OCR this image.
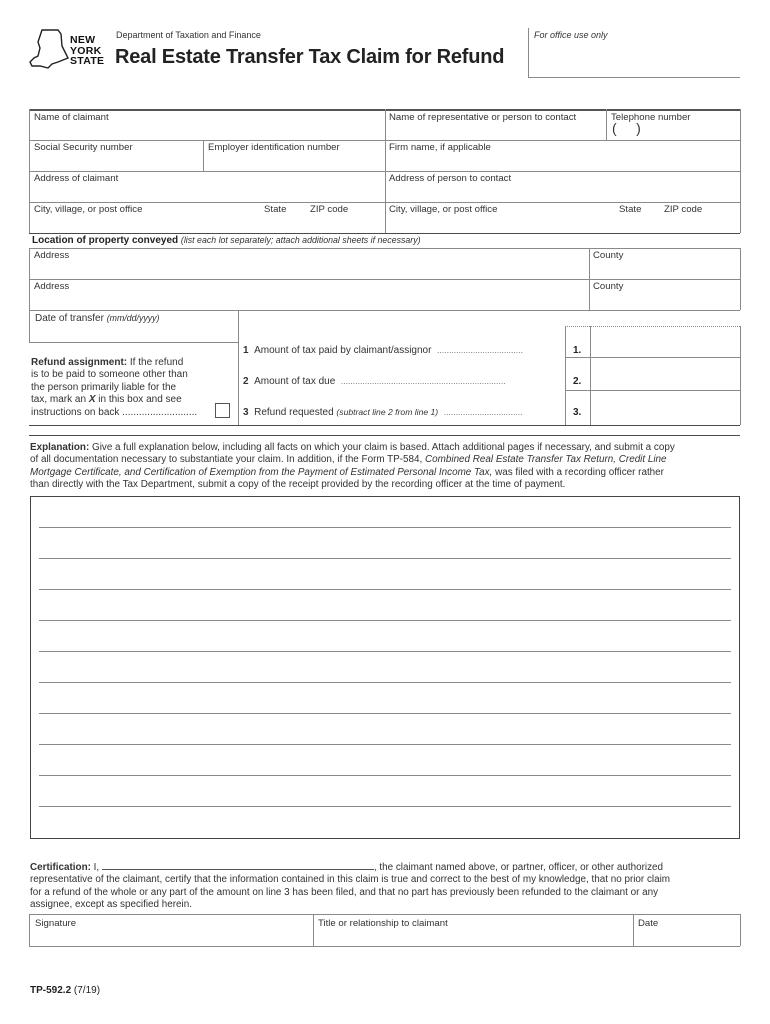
NEW
YORK
STATE
Department of Taxation and Finance
Real Estate Transfer Tax Claim for Refund
For office use only
Name of claimant	Name of representative or person to contact	Telephone number
(     )
Social Security number	Employer identification number	Firm name, if applicable
Address of claimant	Address of person to contact
City, village, or post office	State ZIP code	City, village, or post office	State ZIP code
Location of property conveyed (list each lot separately; attach additional sheets if necessary)
Address	County
Address	County
Date of transfer (mm/dd/yyyy)
Refund assignment: If the refund
is to be paid to someone other than
the person primarily liable for the
tax, mark an X in this box and see
instructions on back ...........................
1 Amount of tax paid by claimant/assignor ....................................	1.
2 Amount of tax due .....................................................................	2.
3 Refund requested (subtract line 2 from line 1) .................................	3.
Explanation: Give a full explanation below, including all facts on which your claim is based. Attach additional pages if necessary, and submit a copy
of all documentation necessary to substantiate your claim. In addition, if the Form TP-584, Combined Real Estate Transfer Tax Return, Credit Line
Mortgage Certificate, and Certification of Exemption from the Payment of Estimated Personal Income Tax, was filed with a recording officer rather
than directly with the Tax Department, submit a copy of the receipt provided by the recording officer at the time of payment.
Certification: I,	, the claimant named above, or partner, officer, or other authorized
representative of the claimant, certify that the information contained in this claim is true and correct to the best of my knowledge, that no prior claim
for a refund of the whole or any part of the amount on line 3 has been filed, and that no part has previously been refunded to the claimant or any
assignee, except as specified herein.
Signature	Title or relationship to claimant	Date
TP-592.2 (7/19)
